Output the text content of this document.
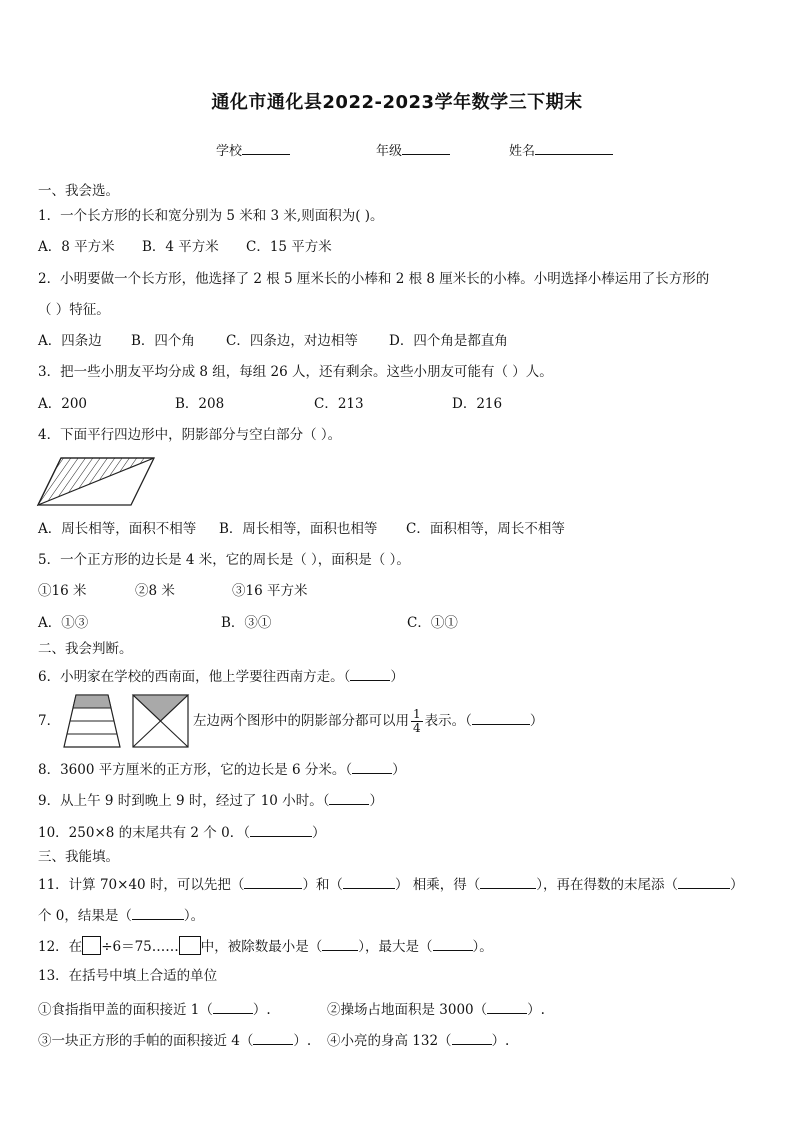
通化市通化县2022-2023学年数学三下期末
学校	年级	姓名
一、我会选。
1．一个长方形的长和宽分别为 5 米和 3 米,则面积为( )。
A．8 平方米 B．4 平方米 C．15 平方米
2．小明要做一个长方形，他选择了 2 根 5 厘米长的小棒和 2 根 8 厘米长的小棒。小明选择小棒运用了长方形的
（ ）特征。
A．四条边 B．四个角 C．四条边，对边相等 D．四个角是都直角
3．把一些小朋友平均分成 8 组，每组 26 人，还有剩余。这些小朋友可能有（ ）人。
A．200	B．208	C．213	D．216
4．下面平行四边形中，阴影部分与空白部分（ ）。
A．周长相等，面积不相等 B．周长相等，面积也相等 C．面积相等，周长不相等
5．一个正方形的边长是 4 米，它的周长是（ ），面积是（ ）。
①16 米	②8 米	③16 平方米
A．①③	B．③①	C．①①
二、我会判断。
6．小明家在学校的西南面，他上学要往西南方走。（	）
7．	左边两个图形中的阴影部分都可以用 $\frac{1}{4}$ 表示。（	）
8．3600 平方厘米的正方形，它的边长是 6 分米。（	）
9．从上午 9 时到晚上 9 时，经过了 10 小时。（	）
10．250×8 的末尾共有 2 个 0．（	）
三、我能填。
11．计算 70×40 时，可以先把（	）和（	） 相乘，得（	），再在得数的末尾添（	）
个 0，结果是（	）。
12．在 ÷6＝75…… 中，被除数最小是（	），最大是（	）。
13．在括号中填上合适的单位
①食指指甲盖的面积接近 1（	）.	②操场占地面积是 3000（	）.
③一块正方形的手帕的面积接近 4（	）. ④小亮的身高 132（	）.
